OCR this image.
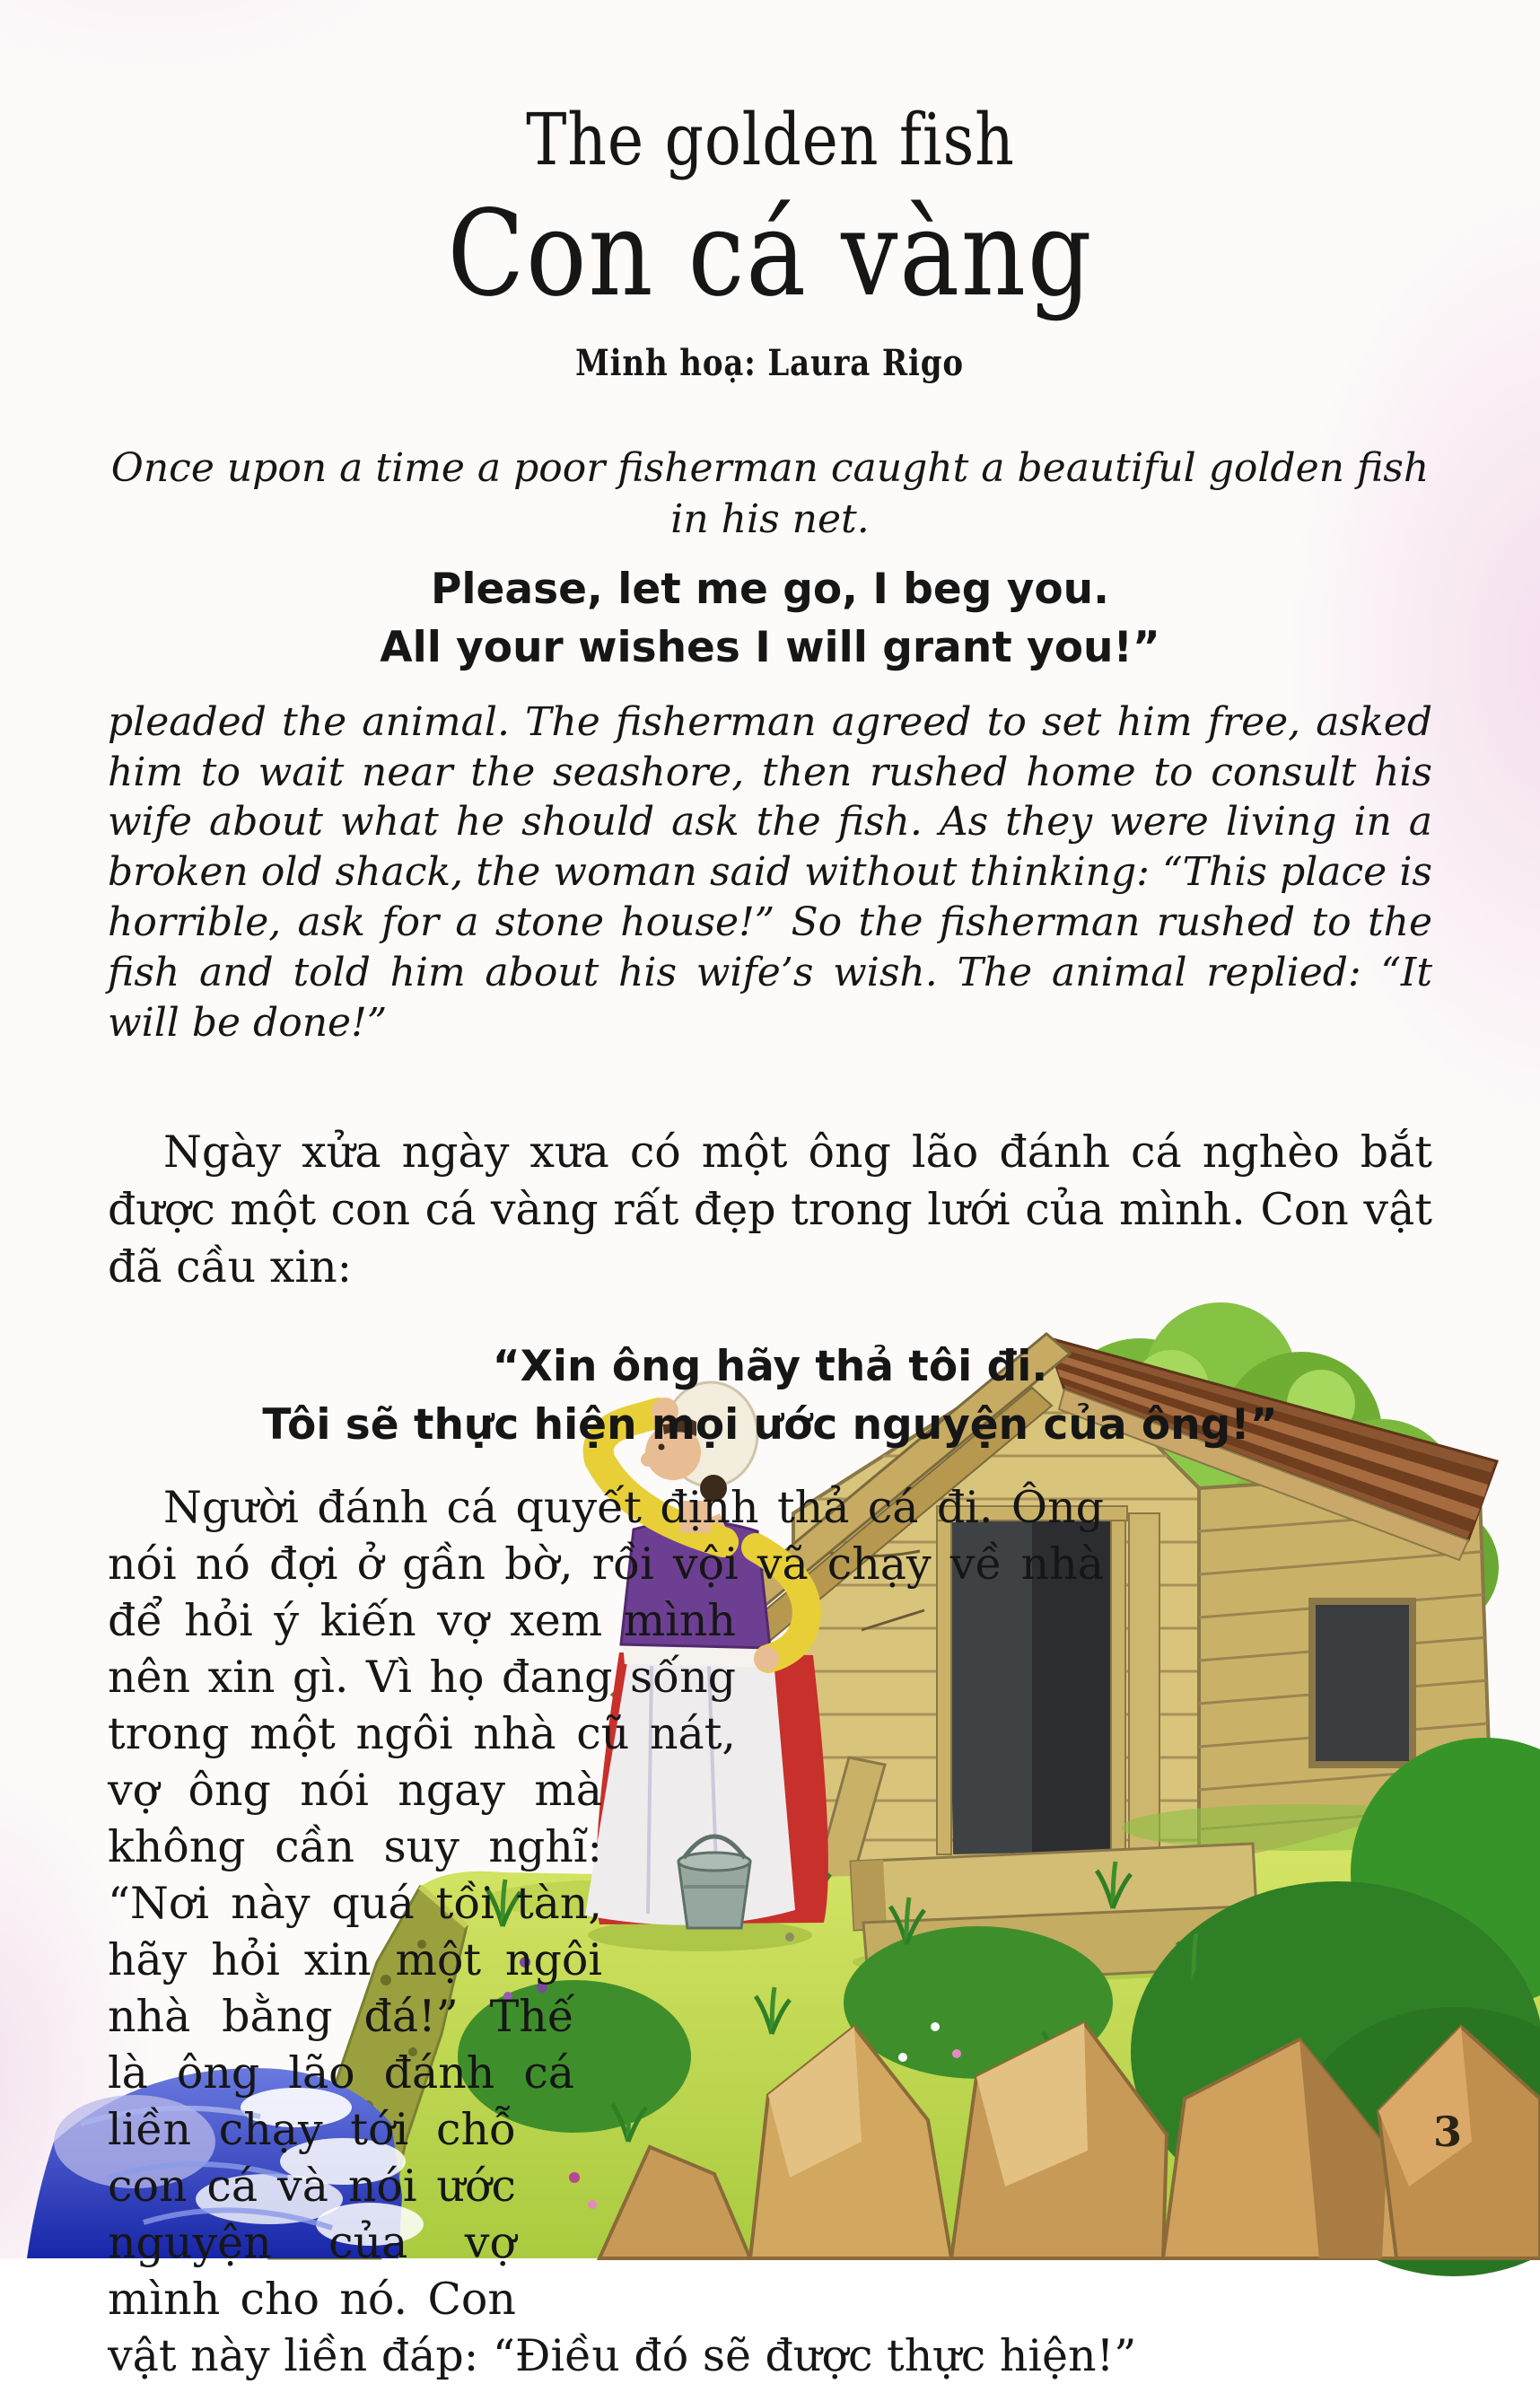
The golden fish
Con cá vàng
Minh hoạ: Laura Rigo
Once upon a time a poor fisherman caught a beautiful golden fish in his net.
Please, let me go, I beg you.
All your wishes I will grant you!”
pleaded the animal. The fisherman agreed to set him free, asked him to wait near the seashore, then rushed home to consult his wife about what he should ask the fish. As they were living in a broken old shack, the woman said without thinking: “This place is horrible, ask for a stone house!” So the fisherman rushed to the fish and told him about his wife’s wish. The animal replied: “It will be done!”
Ngày xửa ngày xưa có một ông lão đánh cá nghèo bắt được một con cá vàng rất đẹp trong lưới của mình. Con vật đã cầu xin:
“Xin ông hãy thả tôi đi.
Tôi sẽ thực hiện mọi ước nguyện của ông!”
Người đánh cá quyết định thả cá đi. Ông nói nó đợi ở gần bờ, rồi vội vã chạy về nhà để hỏi ý kiến vợ xem mình nên xin gì. Vì họ đang sống trong một ngôi nhà cũ nát, vợ ông nói ngay mà không cần suy nghĩ: “Nơi này quá tồi tàn, hãy hỏi xin một ngôi nhà bằng đá!” Thế là ông lão đánh cá liền chạy tới chỗ con cá và nói ước nguyện của vợ mình cho nó. Con vật này liền đáp: “Điều đó sẽ được thực hiện!”
3
